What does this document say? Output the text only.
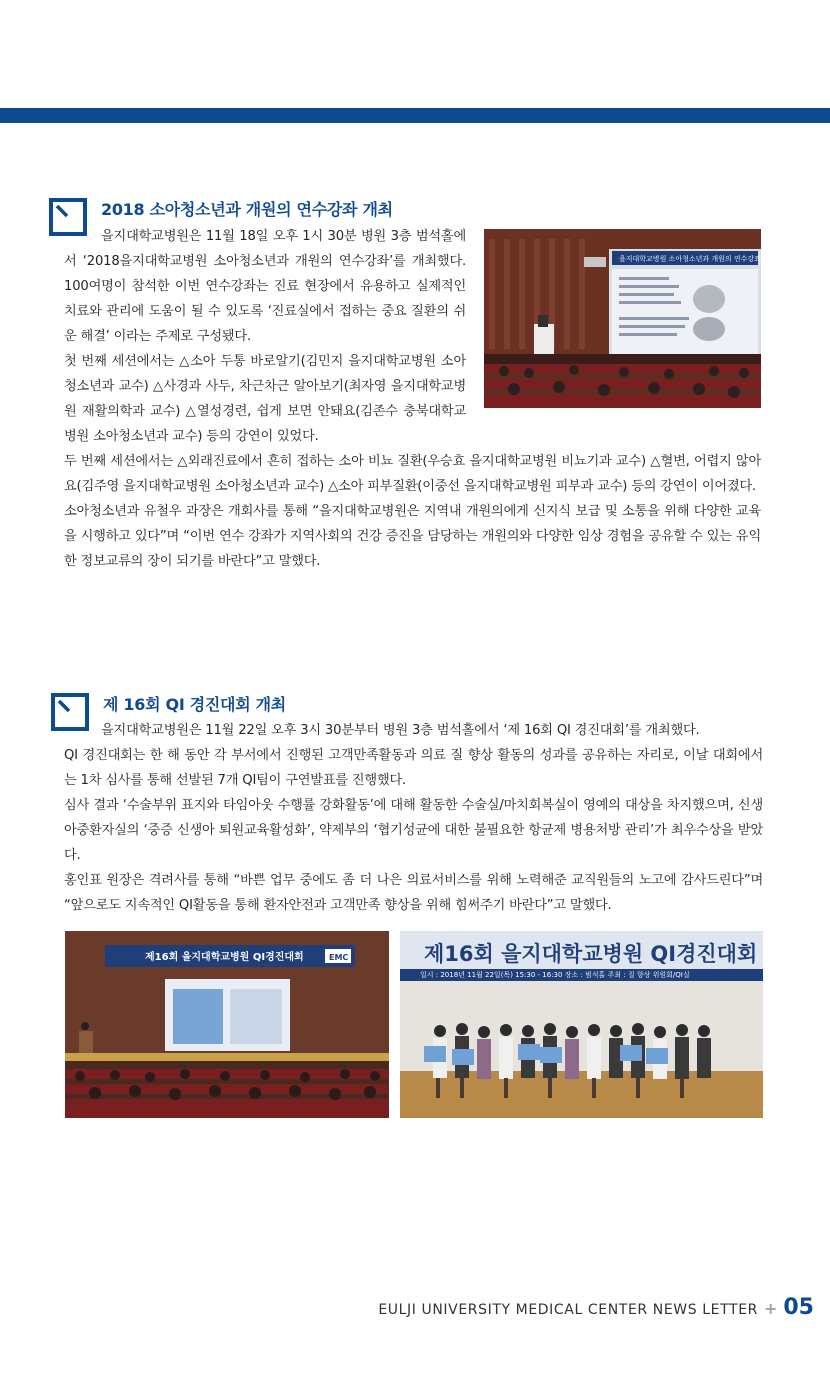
2018 소아청소년과 개원의 연수강좌 개최
을지대학교병원 소아청소년과 개원의 연수강좌

을지대학교병원은 11월 18일 오후 1시 30분 병원 3층 범석홀에서 ‘2018을지대학교병원 소아청소년과 개원의 연수강좌’를 개최했다. 100여명이 참석한 이번 연수강좌는 진료 현장에서 유용하고 실제적인 치료와 관리에 도움이 될 수 있도록 ‘진료실에서 접하는 중요 질환의 쉬운 해결’ 이라는 주제로 구성됐다.

첫 번째 세션에서는 △소아 두통 바로알기(김민지 을지대학교병원 소아청소년과 교수) △사경과 사두, 차근차근 알아보기(최자영 을지대학교병원 재활의학과 교수) △열성경련, 쉽게 보면 안돼요(김존수 충북대학교병원 소아청소년과 교수) 등의 강연이 있었다.

두 번째 세션에서는 △외래진료에서 흔히 접하는 소아 비뇨 질환(우승효 을지대학교병원 비뇨기과 교수) △혈변, 어렵지 않아요(김주영 을지대학교병원 소아청소년과 교수) △소아 피부질환(이중선 을지대학교병원 피부과 교수) 등의 강연이 이어졌다.

소아청소년과 유철우 과장은 개회사를 통해 “을지대학교병원은 지역내 개원의에게 신지식 보급 및 소통을 위해 다양한 교육을 시행하고 있다”며 “이번 연수 강좌가 지역사회의 건강 증진을 담당하는 개원의와 다양한 임상 경험을 공유할 수 있는 유익한 정보교류의 장이 되기를 바란다”고 말했다.

제 16회 QI 경진대회 개최

을지대학교병원은 11월 22일 오후 3시 30분부터 병원 3층 범석홀에서 ‘제 16회 QI 경진대회’를 개최했다.

QI 경진대회는 한 해 동안 각 부서에서 진행된 고객만족활동과 의료 질 향상 활동의 성과를 공유하는 자리로, 이날 대회에서는 1차 심사를 통해 선발된 7개 QI팀이 구연발표를 진행했다.

심사 결과 ‘수술부위 표지와 타임아웃 수행률 강화활동’에 대해 활동한 수술실/마치회복실이 영예의 대상을 차지했으며, 신생아중환자실의 ‘중증 신생아 퇴원교육활성화’, 약제부의 ‘협기성균에 대한 불필요한 항균제 병용처방 관리’가 최우수상을 받았다.

홍인표 원장은 격려사를 통해 “바쁜 업무 중에도 좀 더 나은 의료서비스를 위해 노력해준 교직원들의 노고에 감사드린다”며 “앞으로도 지속적인 QI활동을 통해 환자안전과 고객만족 향상을 위해 힘써주기 바란다”고 말했다.

제16회 을지대학교병원 QI경진대회	EMC	제16회 을지대학교병원 QI경진대회
일시 : 2018년 11월 22일(목) 15:30 - 16:30 장소 : 범석홀 주최 : 질 향상 위원회/QI실
EULJI UNIVERSITY MEDICAL CENTER NEWS LETTER + 05
